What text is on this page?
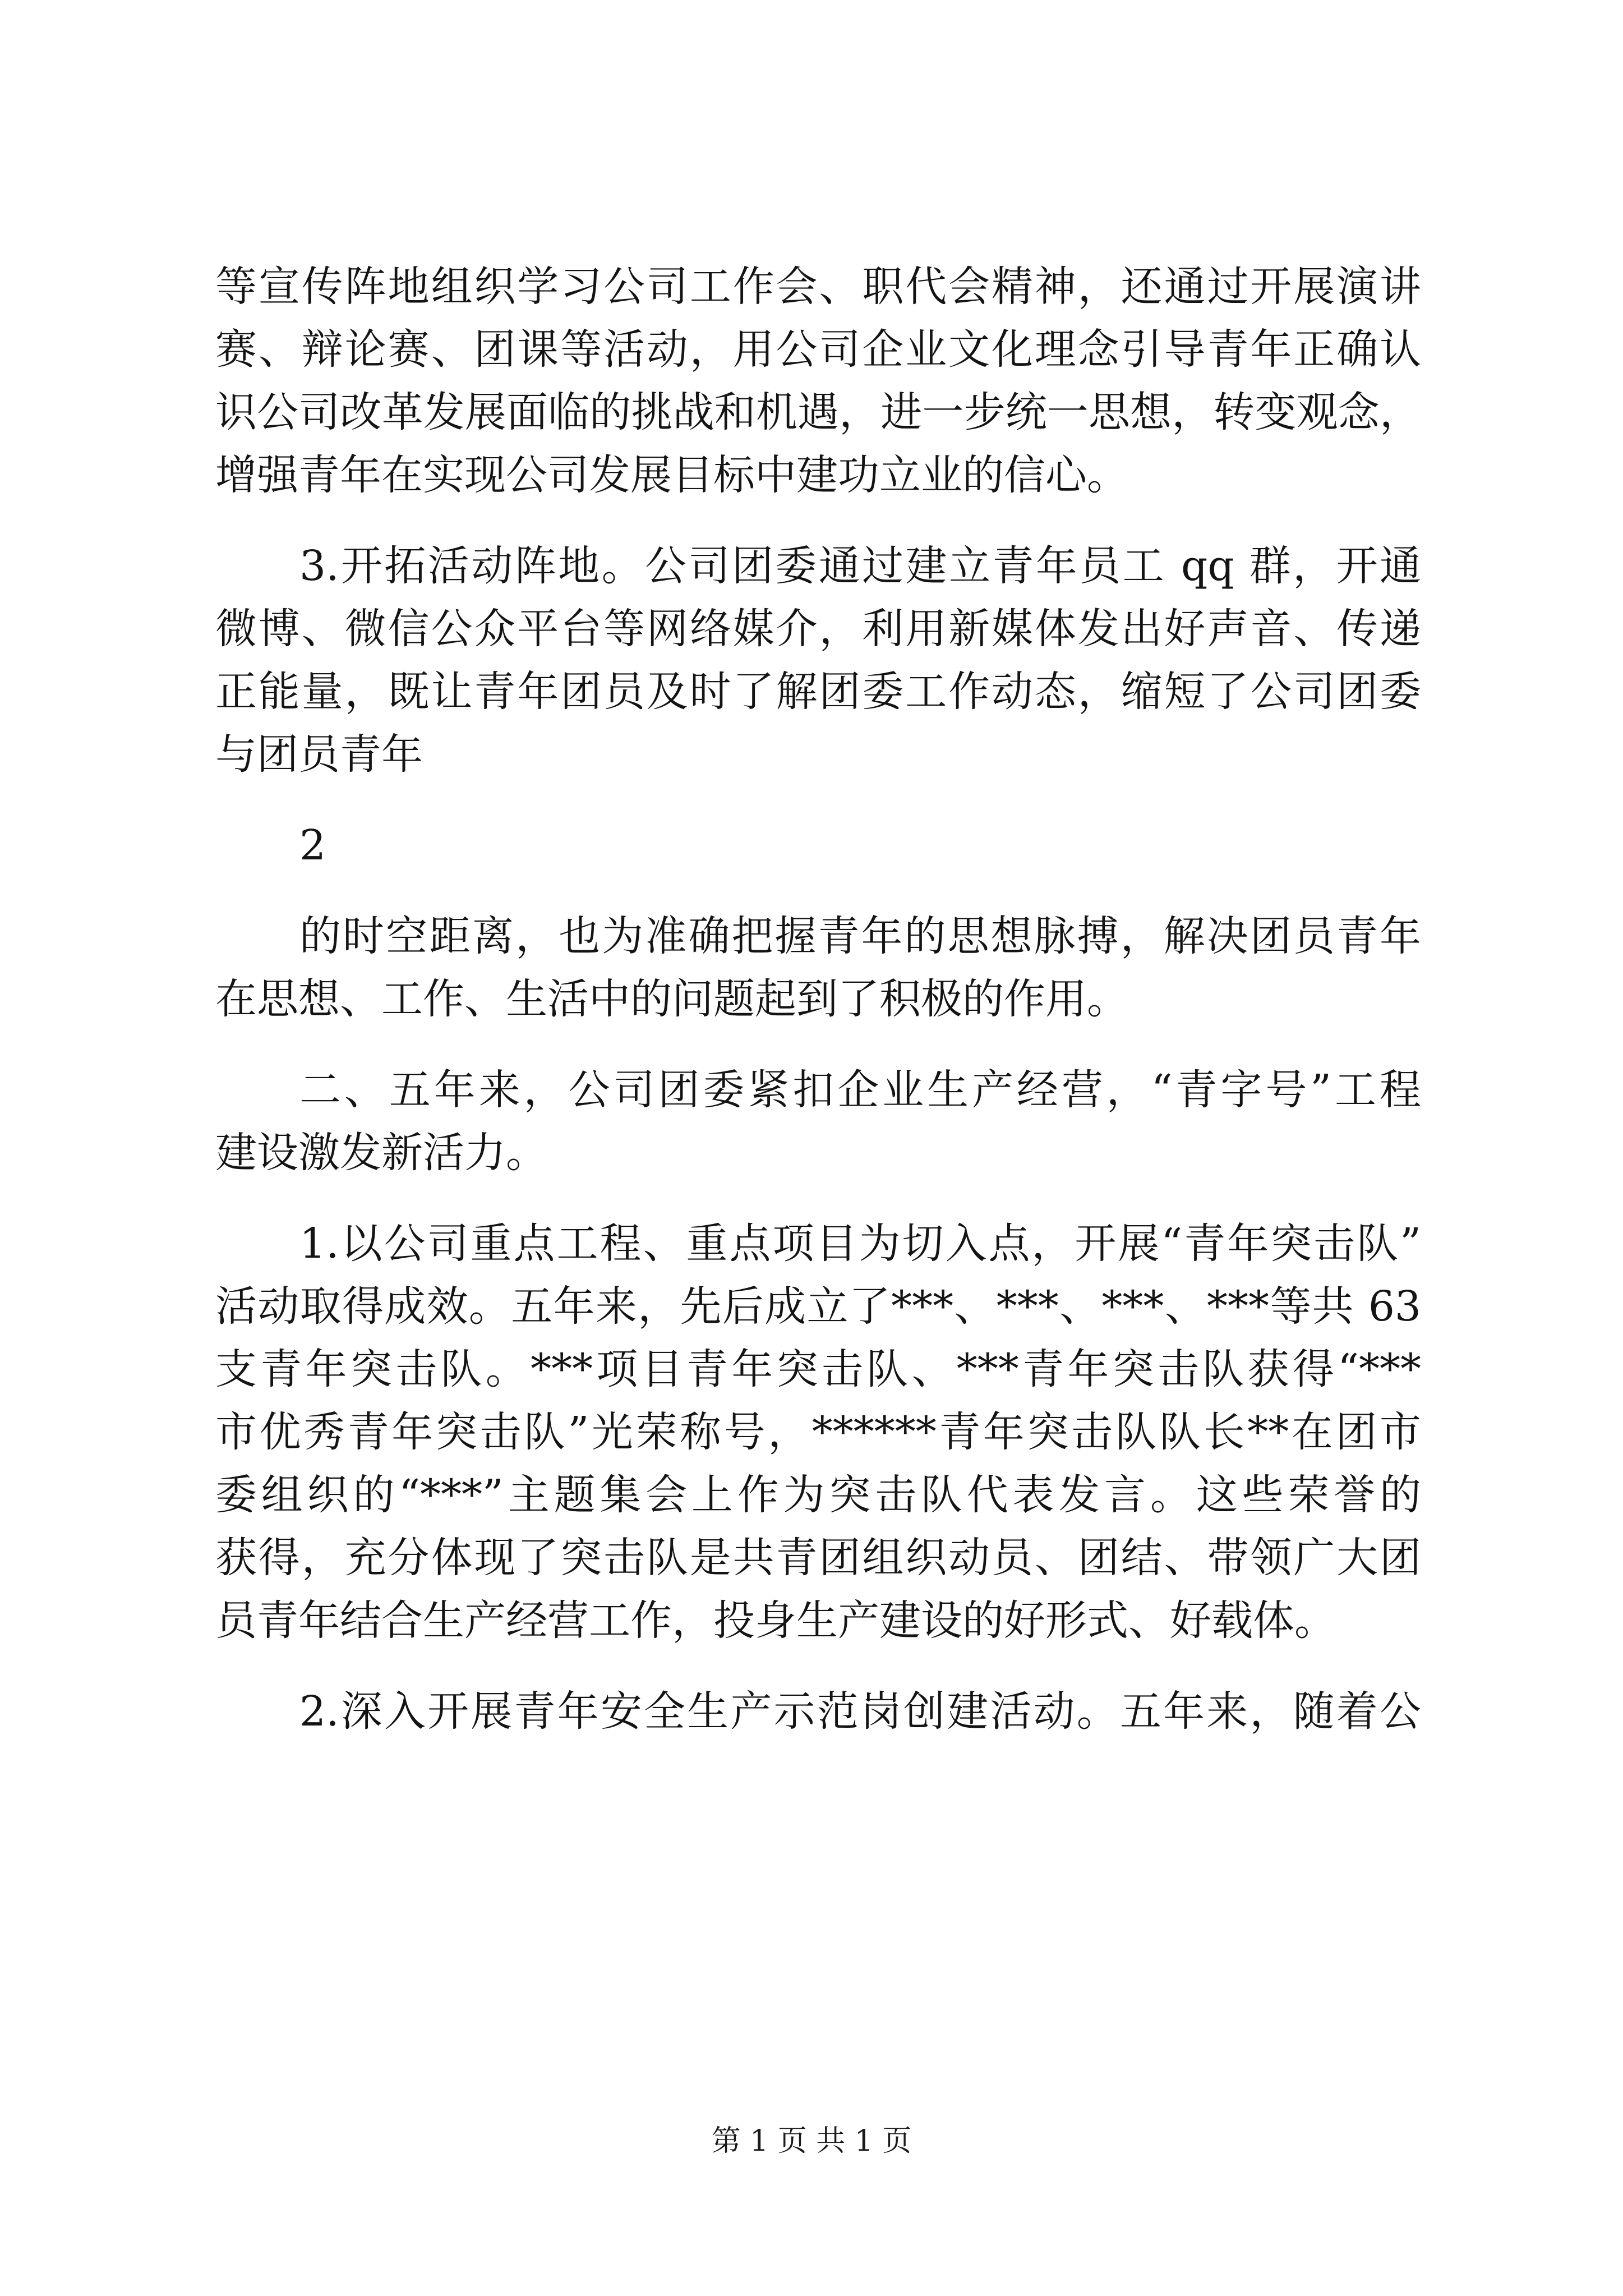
等宣传阵地组织学习公司工作会、职代会精神，还通过开展演讲
赛、辩论赛、团课等活动，用公司企业文化理念引导青年正确认
识公司改革发展面临的挑战和机遇，进一步统一思想，转变观念，
增强青年在实现公司发展目标中建功立业的信心。
3.开拓活动阵地。公司团委通过建立青年员工 qq 群，开通
微博、微信公众平台等网络媒介，利用新媒体发出好声音、传递
正能量，既让青年团员及时了解团委工作动态，缩短了公司团委
与团员青年
2
的时空距离，也为准确把握青年的思想脉搏，解决团员青年
在思想、工作、生活中的问题起到了积极的作用。
二、五年来，公司团委紧扣企业生产经营，“青字号”工程
建设激发新活力。
1.以公司重点工程、重点项目为切入点，开展“青年突击队”
活动取得成效。五年来，先后成立了***、***、***、***等共 63
支青年突击队。***项目青年突击队、***青年突击队获得“***
市优秀青年突击队”光荣称号，******青年突击队队长**在团市
委组织的“***”主题集会上作为突击队代表发言。这些荣誉的
获得，充分体现了突击队是共青团组织动员、团结、带领广大团
员青年结合生产经营工作，投身生产建设的好形式、好载体。
2.深入开展青年安全生产示范岗创建活动。五年来，随着公
第 1 页 共 1 页
